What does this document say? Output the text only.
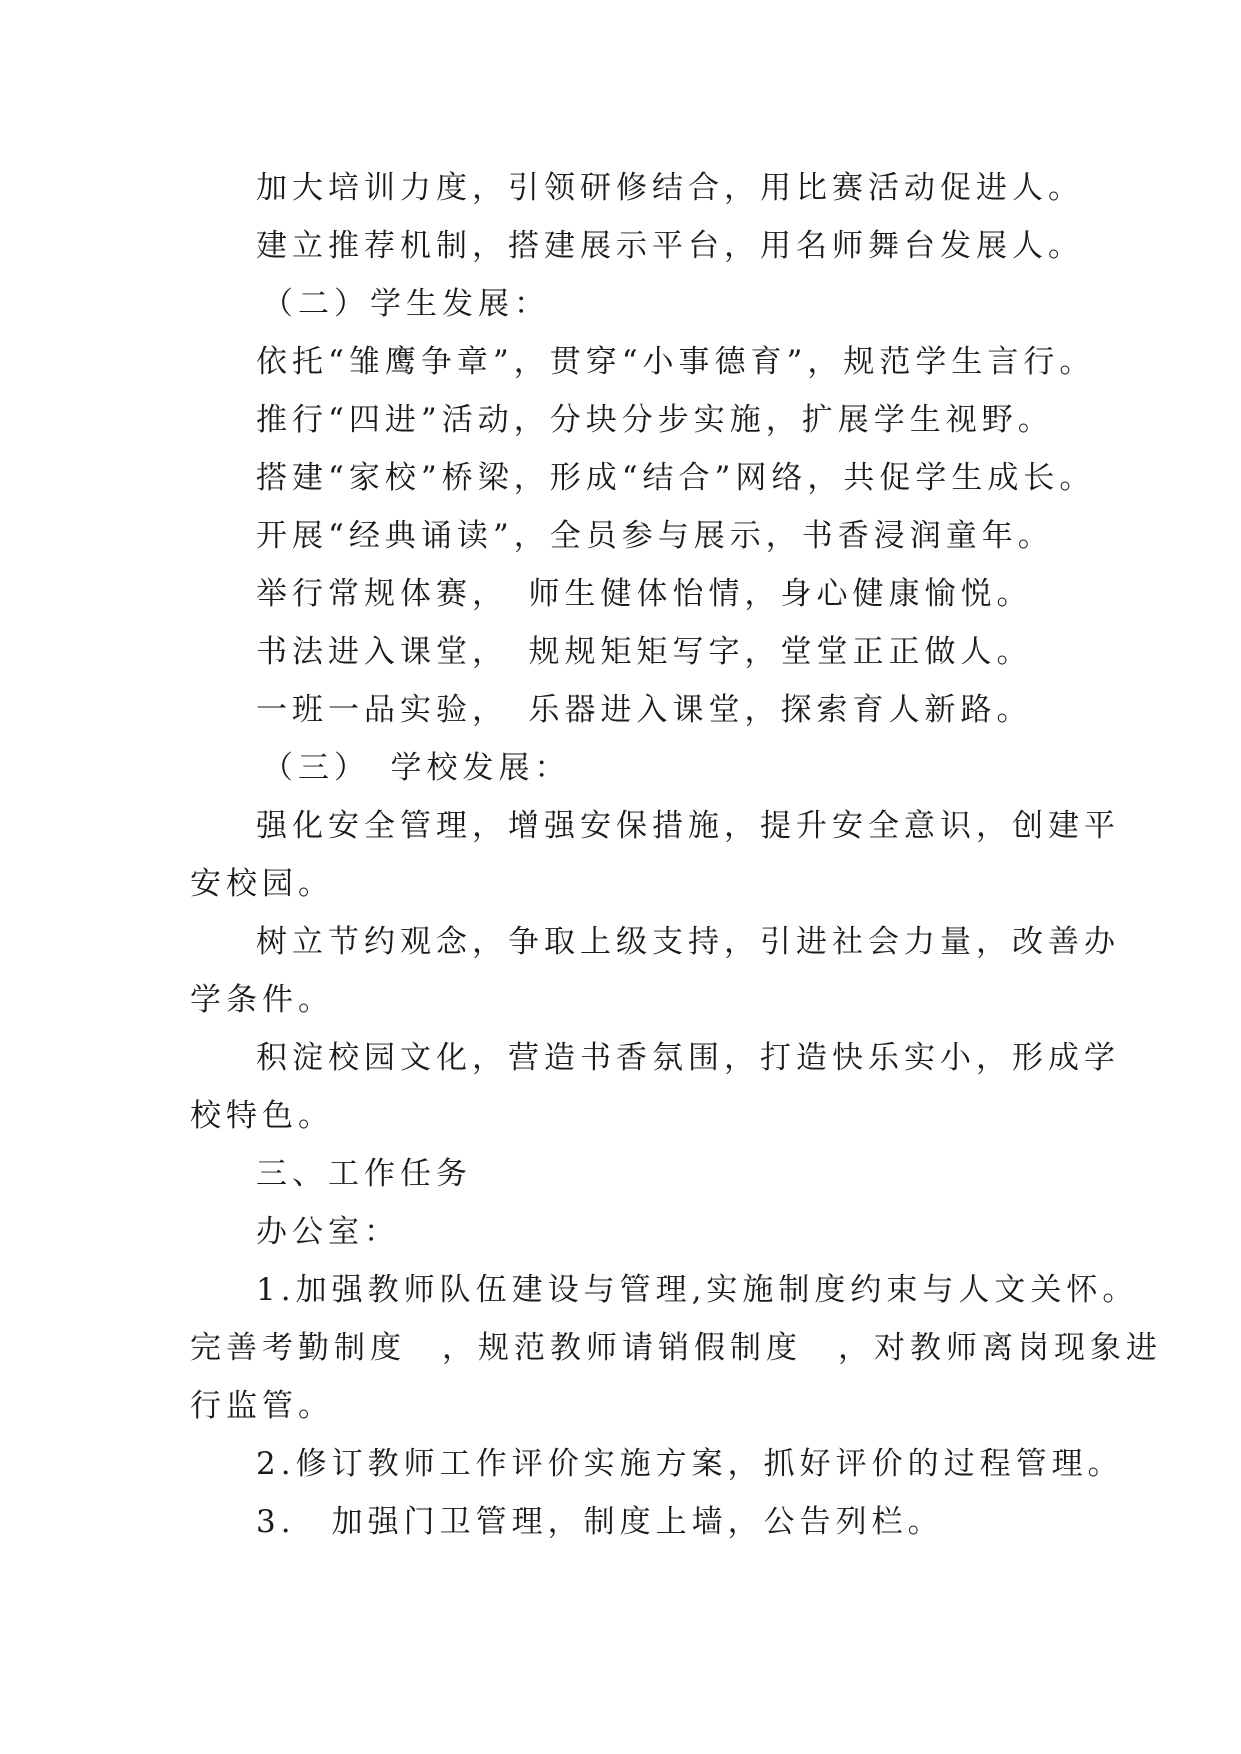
加大培训力度，引领研修结合，用比赛活动促进人。

建立推荐机制，搭建展示平台，用名师舞台发展人。

（二）学生发展：

依托“雏鹰争章”，贯穿“小事德育”，规范学生言行。

推行“四进”活动，分块分步实施，扩展学生视野。

搭建“家校”桥梁，形成“结合”网络，共促学生成长。

开展“经典诵读”，全员参与展示，书香浸润童年。

举行常规体赛，　师生健体怡情，身心健康愉悦。

书法进入课堂，　规规矩矩写字，堂堂正正做人。

一班一品实验，　乐器进入课堂，探索育人新路。

（三）　学校发展：

强化安全管理，增强安保措施，提升安全意识，创建平

安校园。

树立节约观念，争取上级支持，引进社会力量，改善办

学条件。

积淀校园文化，营造书香氛围，打造快乐实小，形成学

校特色。

三、工作任务

办公室：

1.加强教师队伍建设与管理,实施制度约束与人文关怀。

完善考勤制度　，规范教师请销假制度　，对教师离岗现象进

行监管。

2.修订教师工作评价实施方案，抓好评价的过程管理。

3.　加强门卫管理，制度上墙，公告列栏。
